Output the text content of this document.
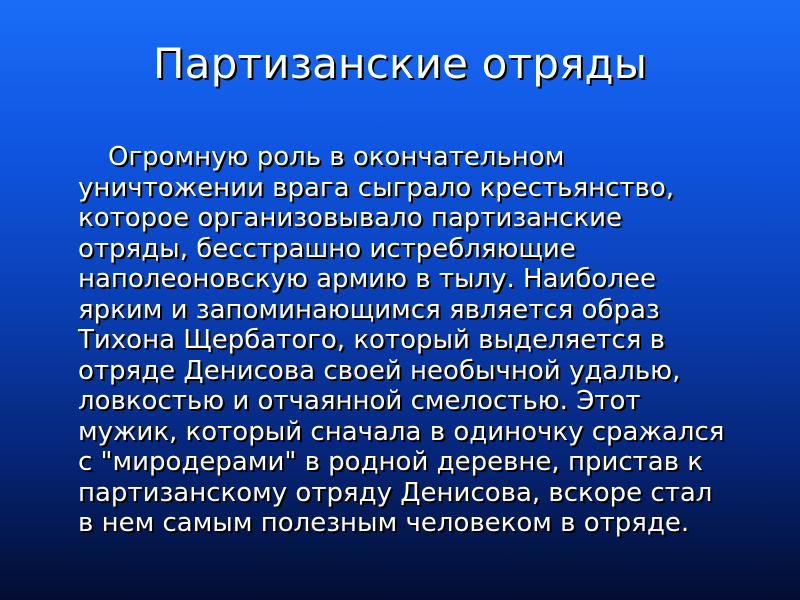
Партизанские отряды
Огромную роль в окончательном
уничтожении врага сыграло крестьянство,
которое организовывало партизанские
отряды, бесстрашно истребляющие
наполеоновскую армию в тылу. Наиболее
ярким и запоминающимся является образ
Тихона Щербатого, который выделяется в
отряде Денисова своей необычной удалью,
ловкостью и отчаянной смелостью. Этот
мужик, который сначала в одиночку сражался
с "миродерами" в родной деревне, пристав к
партизанскому отряду Денисова, вскоре стал
в нем самым полезным человеком в отряде.
